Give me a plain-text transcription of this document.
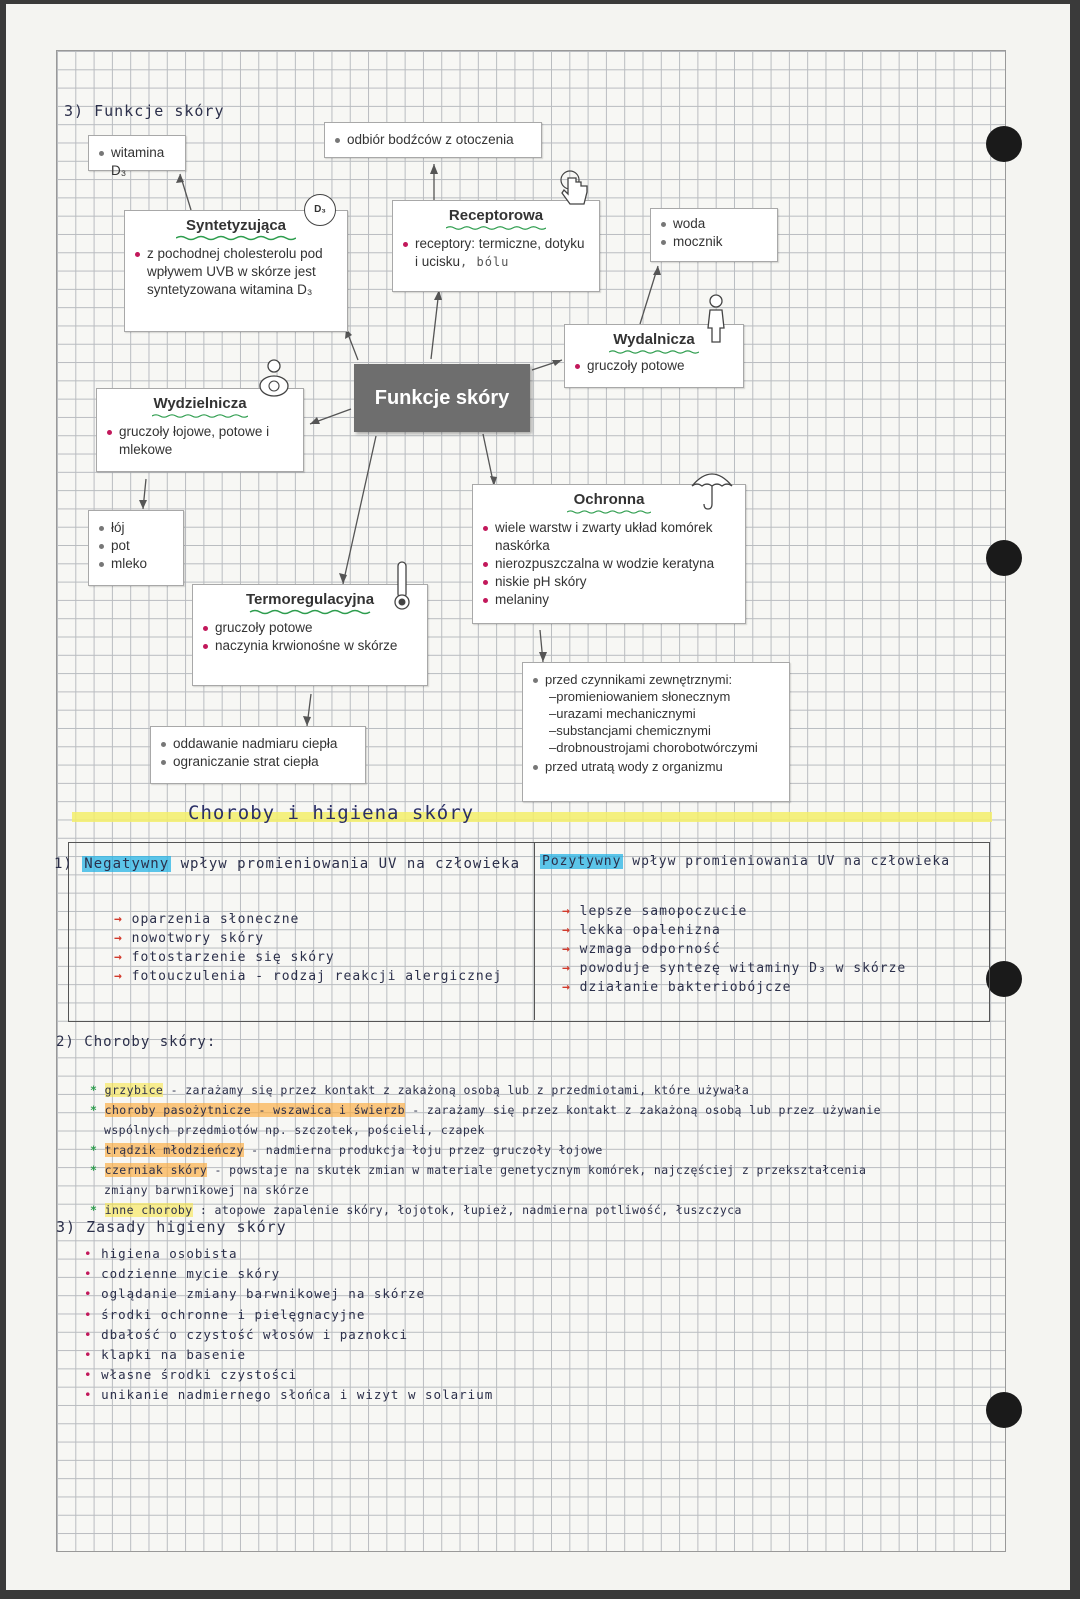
3) Funkcje skóry
witamina D₃
odbiór bodźców z otoczenia
Syntetyzująca
z pochodnej cholesterolu pod wpływem UVB w skórze jest syntetyzowana witamina D₃
D₃	Receptorowa
receptory: termiczne, dotyku i ucisku, bólu
woda
mocznik
Wydalnicza
gruczoły potowe
Funkcje skóry
Wydzielnicza
gruczoły łojowe, potowe i mlekowe
łój
pot
mleko
Ochronna
wiele warstw i zwarty układ komórek naskórka
nierozpuszczalna w wodzie keratyna
niskie pH skóry
melaniny
Termoregulacyjna
gruczoły potowe
naczynia krwionośne w skórze
oddawanie nadmiaru ciepła
ograniczanie strat ciepła
przed czynnikami zewnętrznymi:
–promieniowaniem słonecznym
–urazami mechanicznymi
–substancjami chemicznymi
–drobnoustrojami chorobotwórczymi
przed utratą wody z organizmu
Choroby i higiena skóry
1) Negatywny wpływ promieniowania UV na człowieka
→ oparzenia słoneczne
→ nowotwory skóry
→ fotostarzenie się skóry
→ fotouczulenia - rodzaj reakcji alergicznej
Pozytywny wpływ promieniowania UV na człowieka
→ lepsze samopoczucie
→ lekka opalenizna
→ wzmaga odporność
→ powoduje syntezę witaminy D₃ w skórze
→ działanie bakteriobójcze
2) Choroby skóry:
* grzybice - zarażamy się przez kontakt z zakażoną osobą lub z przedmiotami, które używała
* choroby pasożytnicze - wszawica i świerzb - zarażamy się przez kontakt z zakażoną osobą lub przez używanie
wspólnych przedmiotów np. szczotek, pościeli, czapek
* trądzik młodzieńczy - nadmierna produkcja łoju przez gruczoły łojowe
* czerniak skóry - powstaje na skutek zmian w materiale genetycznym komórek, najczęściej z przekształcenia
zmiany barwnikowej na skórze
* inne choroby : atopowe zapalenie skóry, łojotok, łupież, nadmierna potliwość, łuszczyca
3) Zasady higieny skóry
• higiena osobista
• codzienne mycie skóry
• oglądanie zmiany barwnikowej na skórze
• środki ochronne i pielęgnacyjne
• dbałość o czystość włosów i paznokci
• klapki na basenie
• własne środki czystości
• unikanie nadmiernego słońca i wizyt w solarium
